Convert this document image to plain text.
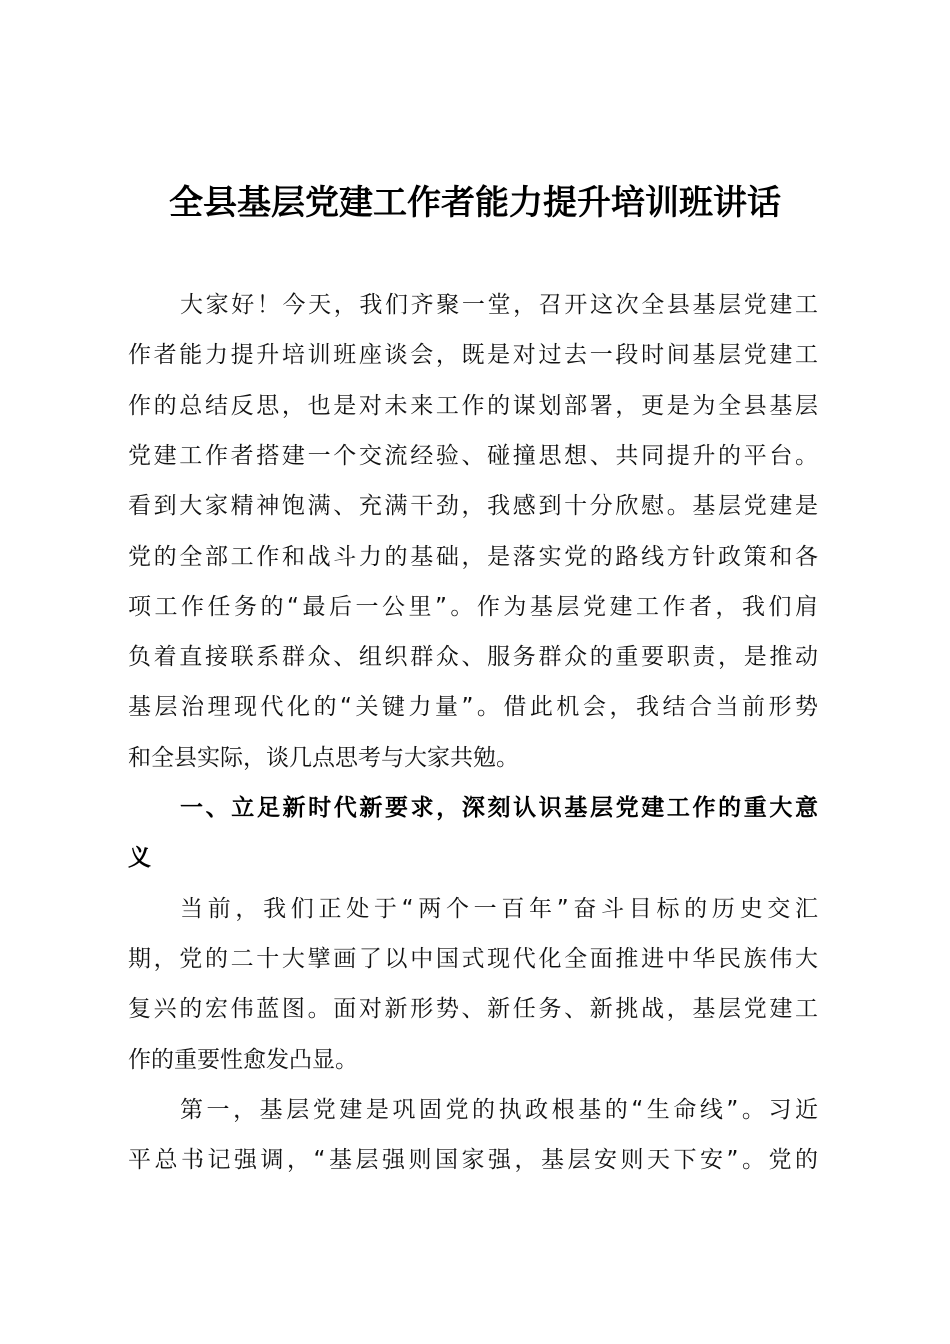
全县基层党建工作者能力提升培训班讲话
大家好！今天，我们齐聚一堂，召开这次全县基层党建工
作者能力提升培训班座谈会，既是对过去一段时间基层党建工
作的总结反思，也是对未来工作的谋划部署，更是为全县基层
党建工作者搭建一个交流经验、碰撞思想、共同提升的平台。
看到大家精神饱满、充满干劲，我感到十分欣慰。基层党建是
党的全部工作和战斗力的基础，是落实党的路线方针政策和各
项工作任务的“最后一公里”。作为基层党建工作者，我们肩
负着直接联系群众、组织群众、服务群众的重要职责，是推动
基层治理现代化的“关键力量”。借此机会，我结合当前形势
和全县实际，谈几点思考与大家共勉。
一、立足新时代新要求，深刻认识基层党建工作的重大意
义
当前，我们正处于“两个一百年”奋斗目标的历史交汇
期，党的二十大擘画了以中国式现代化全面推进中华民族伟大
复兴的宏伟蓝图。面对新形势、新任务、新挑战，基层党建工
作的重要性愈发凸显。
第一，基层党建是巩固党的执政根基的“生命线”。习近
平总书记强调，“基层强则国家强，基层安则天下安”。党的
